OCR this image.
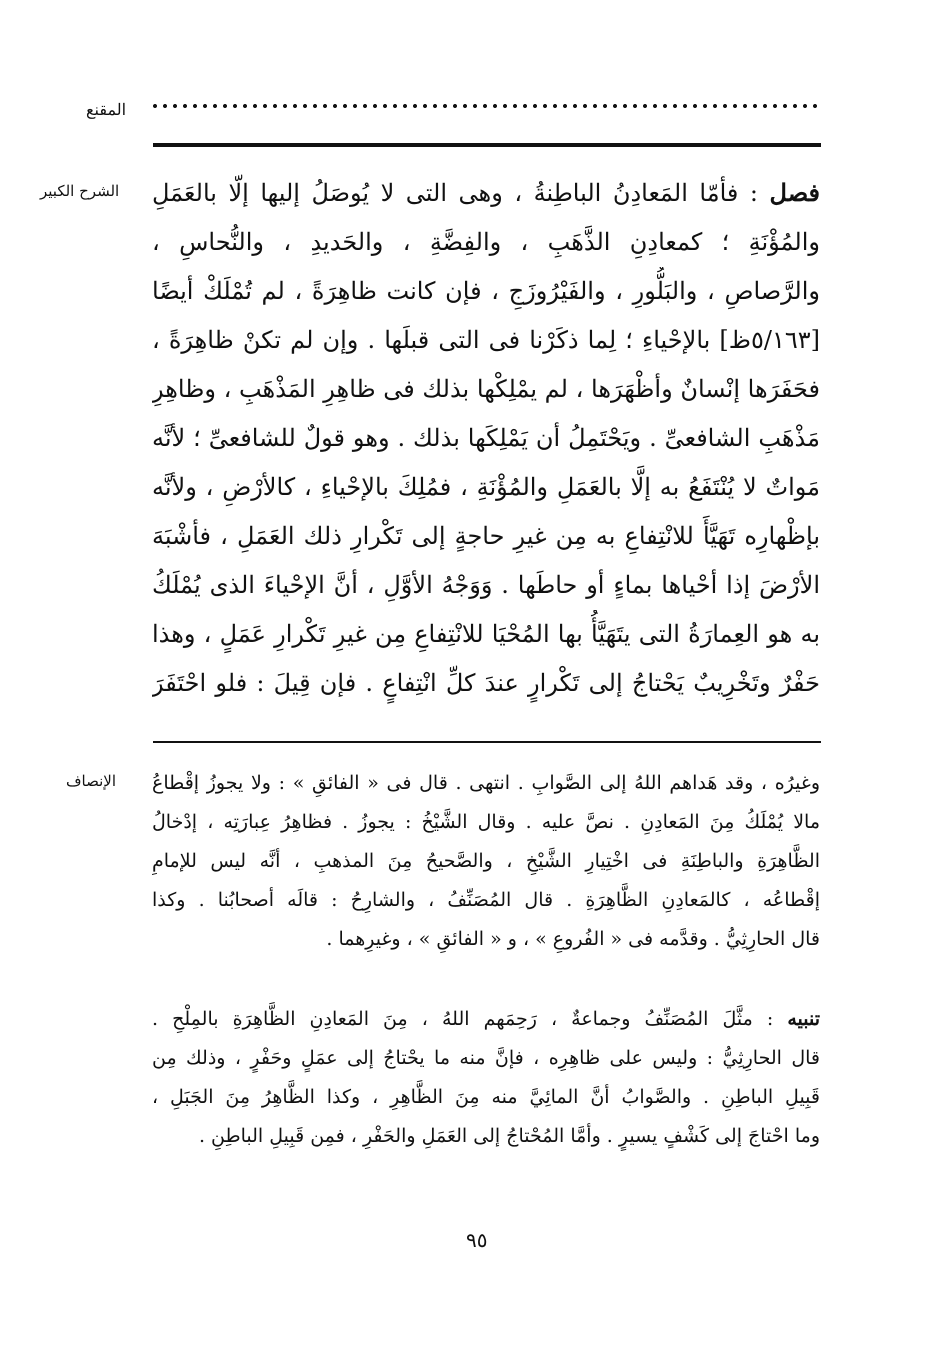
المقنع
الشرح الكبير	فصل : فأمّا المَعادِنُ الباطِنةُ ، وهى التى لا يُوصَلُ إليها إلّا بالعَمَلِ
والمُؤْنَةِ ؛ كمعادِنِ الذَّهَبِ ، والفِضَّةِ ، والحَديدِ ، والنُّحاسِ ،
والرَّصاصِ ، والبَلُّورِ ، والفَيْرُوزَجِ ، فإن كانت ظاهِرَةً ، لم تُمْلَكْ أيضًا
[٥/١٦٣ظ] بالإحْياءِ ؛ لِما ذكَرْنا فى التى قبلَها . وإن لم تكنْ ظاهِرَةً ،
فحَفَرَها إنْسانٌ وأظْهَرَها ، لم يمْلِكْها بذلك فى ظاهِرِ المَذْهَبِ ، وظاهِرِ
مَذْهَبِ الشافعىِّ . ويَحْتَمِلُ أن يَمْلِكَها بذلك . وهو قولٌ للشافعىِّ ؛ لأنَّه
مَواتٌ لا يُنْتَفَعُ به إلَّا بالعَمَلِ والمُؤْنَةِ ، فمُلِكَ بالإحْياءِ ، كالأرْضِ ، ولأنَّه
بإظْهارِه تَهَيَّأَ للانْتِفاعِ به مِن غيرِ حاجةٍ إلى تَكْرارِ ذلك العَمَلِ ، فأشْبَهَ
الأرْضَ إذا أحْياها بماءٍ أو حاطَها . وَوَجْهُ الأوَّلِ ، أنَّ الإحْياءَ الذى يُمْلَكُ
به هو العِمارَةُ التى يتَهَيَّأُ بها المُحْيَا للانْتِفاعِ مِن غيرِ تَكْرارِ عَمَلٍ ، وهذا
حَفْرٌ وتَخْرِيبٌ يَحْتاجُ إلى تَكْرارٍ عندَ كلِّ انْتِفاعٍ . فإن قِيلَ : فلو احْتَفَرَ
الإنصاف وغيرُه ، وقد هَداهم اللهُ إلى الصَّوابِ . انتهى . قال فى « الفائقِ » : ولا يجوزُ إقْطاعُ
مالا يُمْلَكُ مِنَ المَعادِنِ . نصَّ عليه . وقال الشَّيْخُ : يجوزُ . فظاهِرُ عِبارَتِه ، إدْخالُ
الظَّاهِرَةِ والباطِنَةِ فى اخْتِيارِ الشَّيْخِ ، والصَّحيحُ مِنَ المذهبِ ، أنَّه ليس للإمامِ
إقْطاعُه ، كالمَعادِنِ الظَّاهِرَةِ . قال المُصَنِّفُ ، والشارِحُ : قالَه أصحابُنا . وكذا
قال الحارِثِيُّ . وقدَّمه فى « الفُروعِ » ، و « الفائقِ » ، وغيرِهما .
تنبيه : مثَّلَ المُصَنِّفُ وجماعةٌ ، رَحِمَهم اللهُ ، مِنَ المَعادِنِ الظَّاهِرَةِ بالمِلْحِ .
قال الحارِثِيُّ : وليس على ظاهِرِه ، فإنَّ منه ما يحْتاجُ إلى عمَلٍ وحَفْرٍ ، وذلك مِن
قَبِيلِ الباطِنِ . والصَّوابُ أنَّ المائِيَّ منه مِنَ الظَّاهِرِ ، وكذا الظَّاهِرُ مِنَ الجَبَلِ ،
وما احْتاجَ إلى كَشْفٍ يسيرٍ . وأمَّا المُحْتاجُ إلى العَمَلِ والحَفْرِ ، فمِن قَبِيلِ الباطِنِ .
٩٥
